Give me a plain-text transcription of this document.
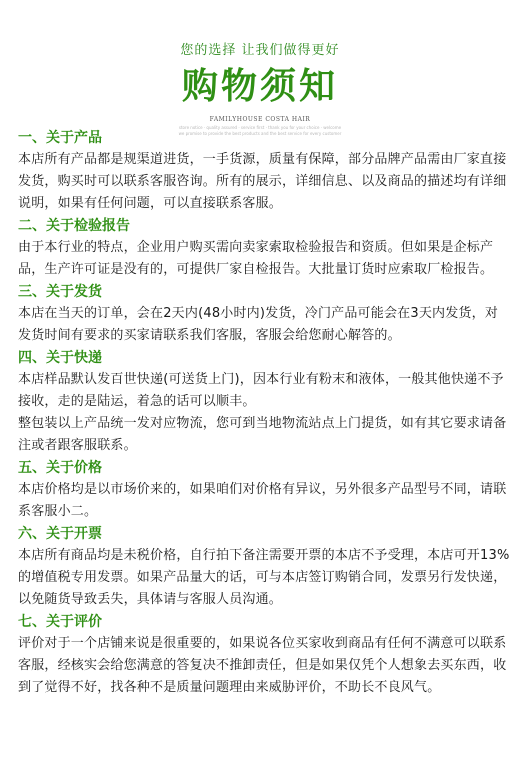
您的选择 让我们做得更好
购物须知
FAMILYHOUSE COSTA HAIR
store notice · quality assured · service first · thank you for your choice · welcome
we promise to provide the best products and the best service for every customer

一、关于产品

本店所有产品都是规渠道进货，一手货源，质量有保障，部分品牌产品需由厂家直接发货，购买时可以联系客服咨询。所有的展示，详细信息、以及商品的描述均有详细说明，如果有任何问题，可以直接联系客服。

二、关于检验报告

由于本行业的特点，企业用户购买需向卖家索取检验报告和资质。但如果是企标产品，生产许可证是没有的，可提供厂家自检报告。大批量订货时应索取厂检报告。

三、关于发货

本店在当天的订单，会在2天内(48小时内)发货，冷门产品可能会在3天内发货，对发货时间有要求的买家请联系我们客服，客服会给您耐心解答的。

四、关于快递

本店样品默认发百世快递(可送货上门)，因本行业有粉末和液体，一般其他快递不予接收，走的是陆运，着急的话可以顺丰。

整包装以上产品统一发对应物流，您可到当地物流站点上门提货，如有其它要求请备注或者跟客服联系。

五、关于价格

本店价格均是以市场价来的，如果咱们对价格有异议，另外很多产品型号不同，请联系客服小二。

六、关于开票

本店所有商品均是未税价格，自行拍下备注需要开票的本店不予受理，本店可开13%的增值税专用发票。如果产品量大的话，可与本店签订购销合同，发票另行发快递，以免随货导致丢失，具体请与客服人员沟通。

七、关于评价

评价对于一个店铺来说是很重要的，如果说各位买家收到商品有任何不满意可以联系客服，经核实会给您满意的答复决不推卸责任，但是如果仅凭个人想象去买东西，收到了觉得不好，找各种不是质量问题理由来威胁评价，不助长不良风气。
